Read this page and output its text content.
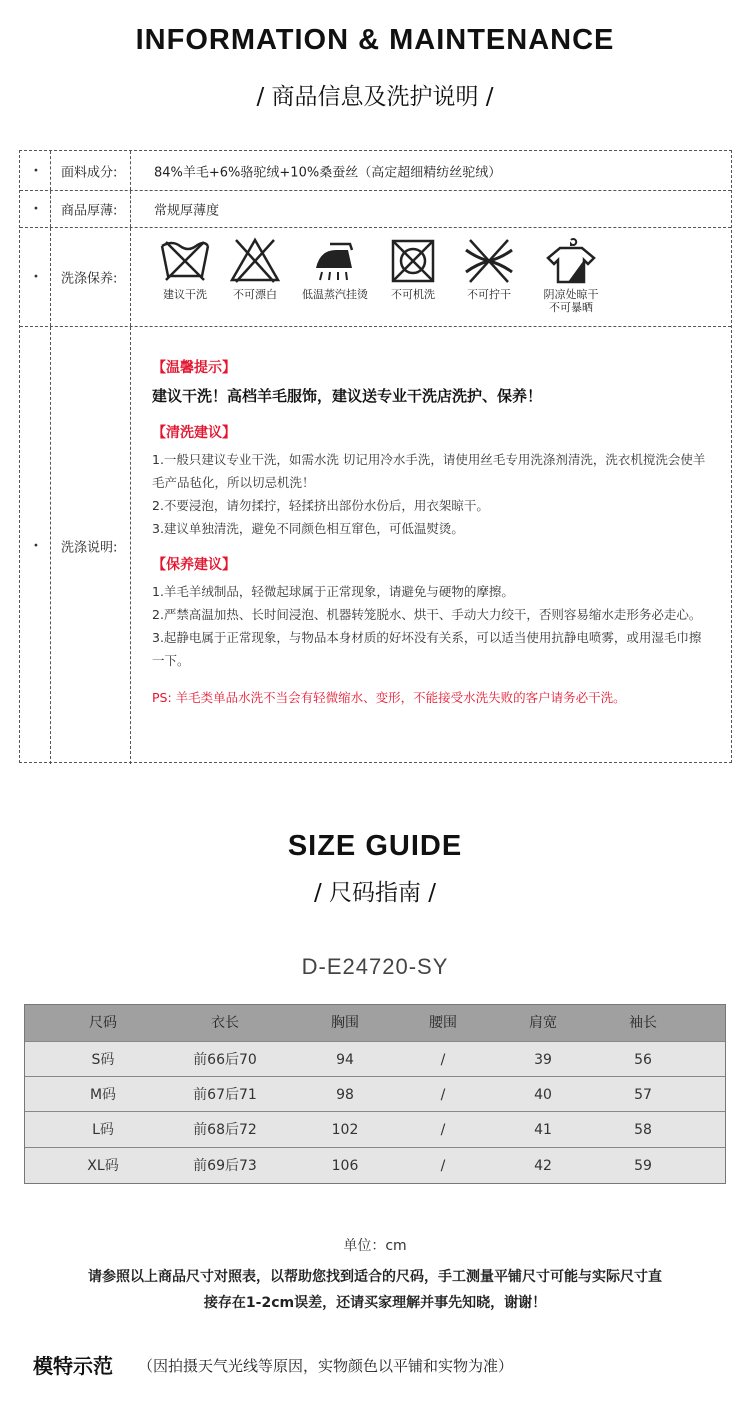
INFORMATION & MAINTENANCE
/ 商品信息及洗护说明 /
• 面料成分:	84%羊毛+6%骆驼绒+10%桑蚕丝（高定超细精纺丝驼绒）
• 商品厚薄:	常规厚薄度
• 洗涤保养:
建议干洗	不可漂白	低温蒸汽挂烫	不可机洗	不可拧干	阴凉处晾干
不可暴晒
• 洗涤说明:
【温馨提示】
建议干洗！高档羊毛服饰，建议送专业干洗店洗护、保养！
【清洗建议】

1.一般只建议专业干洗，如需水洗 切记用冷水手洗，请使用丝毛专用洗涤剂清洗，洗衣机搅洗会使羊毛产品毡化，所以切忌机洗！

2.不要浸泡，请勿揉拧，轻揉挤出部份水份后，用衣架晾干。

3.建议单独清洗，避免不同颜色相互窜色，可低温熨烫。

【保养建议】

1.羊毛羊绒制品，轻微起球属于正常现象，请避免与硬物的摩擦。

2.严禁高温加热、长时间浸泡、机器转笼脱水、烘干、手动大力绞干，否则容易缩水走形务必走心。

3.起静电属于正常现象，与物品本身材质的好坏没有关系，可以适当使用抗静电喷雾，或用湿毛巾擦一下。

PS: 羊毛类单品水洗不当会有轻微缩水、变形，不能接受水洗失败的客户请务必干洗。
SIZE GUIDE
/ 尺码指南 /
D-E24720-SY
尺码	衣长	胸围	腰围	肩宽	袖长
S码	前66后70	94	/	39	56
M码	前67后71	98	/	40	57
L码	前68后72	102	/	41	58
XL码	前69后73	106	/	42	59
单位：cm
请参照以上商品尺寸对照表，以帮助您找到适合的尺码，手工测量平铺尺寸可能与实际尺寸直
接存在1-2cm误差，还请买家理解并事先知晓，谢谢！
模特示范 （因拍摄天气光线等原因，实物颜色以平铺和实物为准）
